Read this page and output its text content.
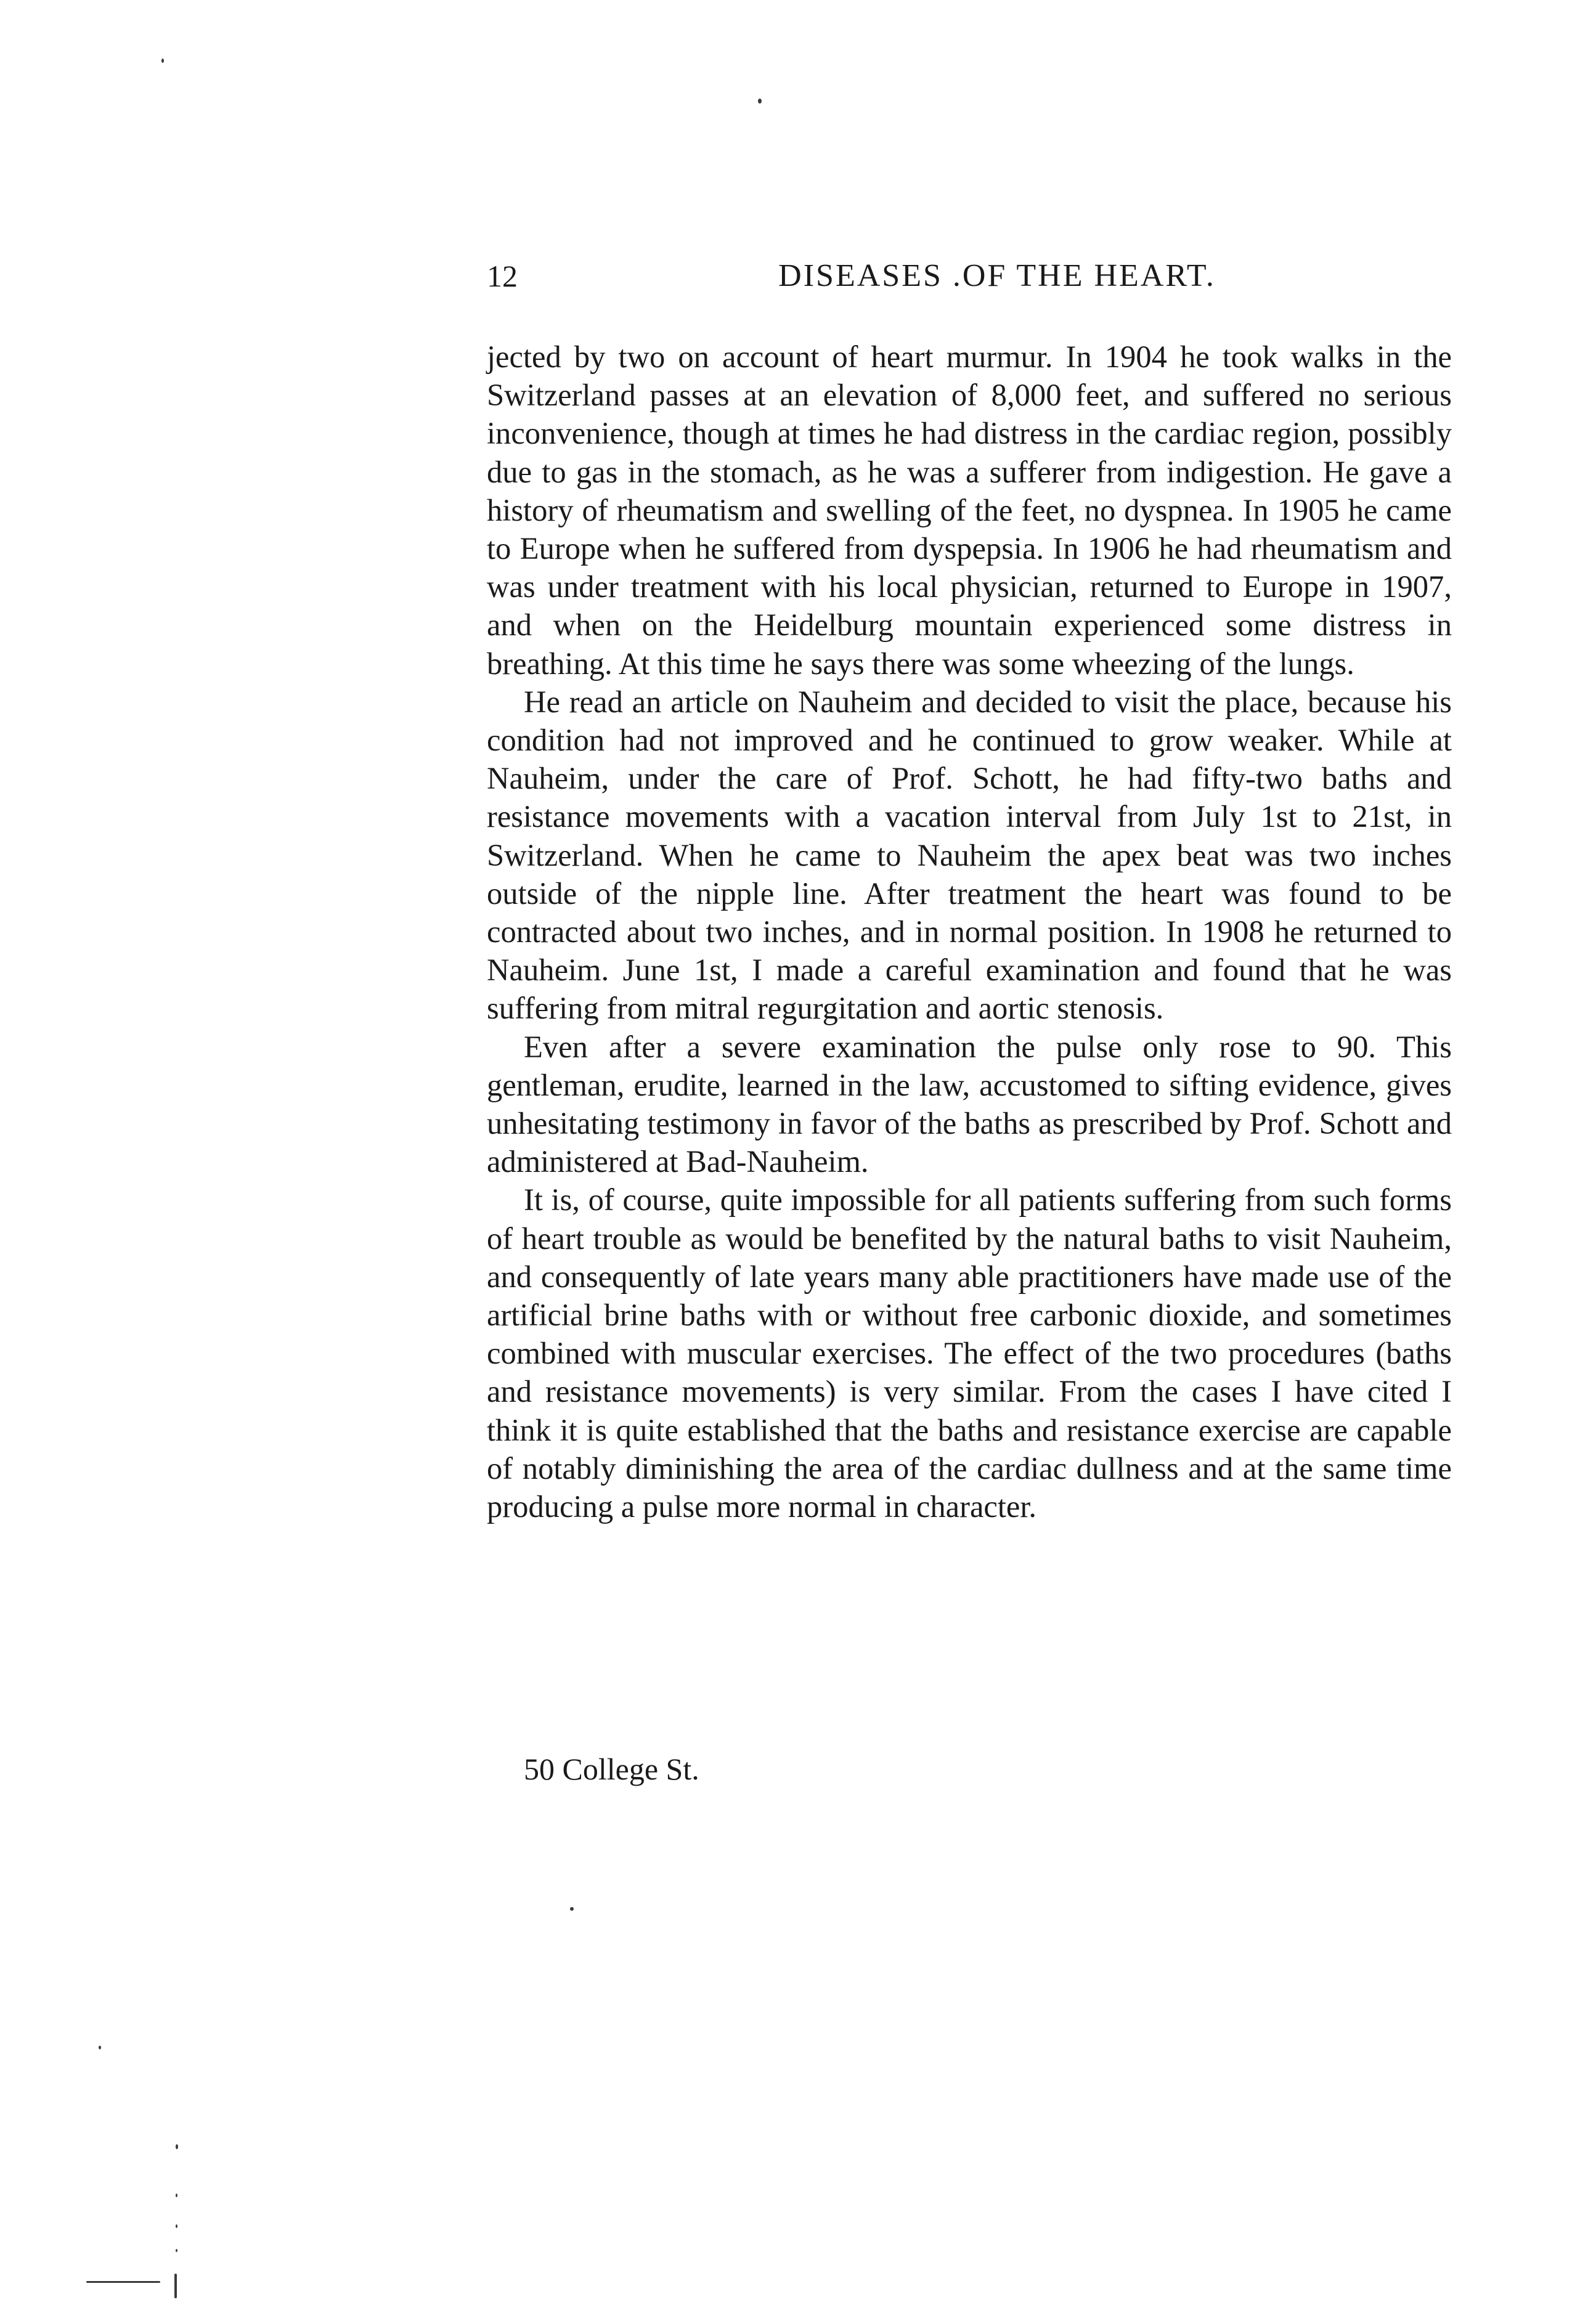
12	DISEASES .OF THE HEART.

jected by two on account of heart murmur. In 1904 he took walks in the Switzerland passes at an elevation of 8,000 feet, and suffered no serious inconvenience, though at times he had distress in the cardiac region, possibly due to gas in the stomach, as he was a sufferer from indigestion. He gave a history of rheumatism and swelling of the feet, no dyspnea. In 1905 he came to Europe when he suffered from dyspepsia. In 1906 he had rheumatism and was under treatment with his local physician, returned to Europe in 1907, and when on the Heidelburg mountain experienced some distress in breathing. At this time he says there was some wheezing of the lungs.

He read an article on Nauheim and decided to visit the place, because his condition had not improved and he continued to grow weaker. While at Nauheim, under the care of Prof. Schott, he had fifty-two baths and resistance movements with a vacation interval from July 1st to 21st, in Switzerland. When he came to Nauheim the apex beat was two inches outside of the nipple line. After treatment the heart was found to be contracted about two inches, and in normal position. In 1908 he returned to Nauheim. June 1st, I made a careful examination and found that he was suffering from mitral regurgitation and aortic stenosis.

Even after a severe examination the pulse only rose to 90. This gentleman, erudite, learned in the law, accustomed to sifting evidence, gives unhesitating testimony in favor of the baths as prescribed by Prof. Schott and administered at Bad-Nauheim.

It is, of course, quite impossible for all patients suffering from such forms of heart trouble as would be benefited by the natural baths to visit Nauheim, and consequently of late years many able practitioners have made use of the artificial brine baths with or without free carbonic dioxide, and sometimes combined with muscular exercises. The effect of the two procedures (baths and resistance movements) is very similar. From the cases I have cited I think it is quite established that the baths and resistance exercise are capable of notably diminishing the area of the cardiac dullness and at the same time producing a pulse more normal in character.

50 College St.
